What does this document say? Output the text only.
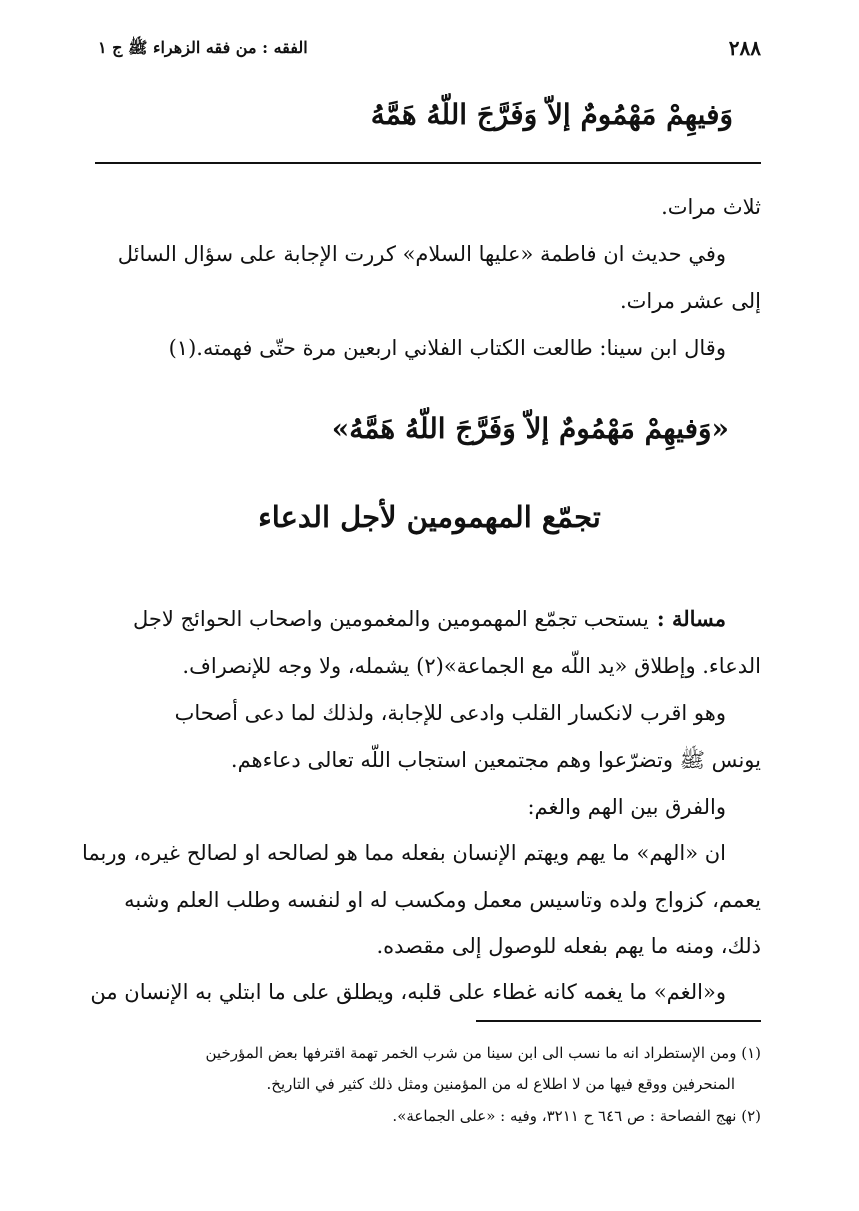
٢٨٨
الفقه : من فقه الزهراء ﷺ ج ١
وَفيهِمْ مَهْمُومٌ إلاّ وَفَرَّجَ اللّهُ هَمَّهُ
ثلاث مرات.
وفي حديث ان فاطمة «عليها السلام» كررت الإجابة على سؤال السائل
إلى عشر مرات.
وقال ابن سينا: طالعت الكتاب الفلاني اربعين مرة حتّى فهمته.(١)
«وَفيهِمْ مَهْمُومٌ إلاّ وَفَرَّجَ اللّهُ هَمَّهُ»
تجمّع المهمومين لأجل الدعاء
مسالة :يستحب تجمّع المهمومين والمغمومين واصحاب الحوائج لاجل
الدعاء. وإطلاق «يد اللّه مع الجماعة»(٢) يشمله، ولا وجه للإنصراف.
وهو اقرب لانكسار القلب وادعى للإجابة، ولذلك لما دعى أصحاب
يونس ﷺ وتضرّعوا وهم مجتمعين استجاب اللّه تعالى دعاءهم.
والفرق بين الهم والغم:
ان «الهم» ما يهم ويهتم الإنسان بفعله مما هو لصالحه او لصالح غيره، وربما
يعمم، كزواج ولده وتاسيس معمل ومكسب له او لنفسه وطلب العلم وشبه
ذلك، ومنه ما يهم بفعله للوصول إلى مقصده.
و«الغم» ما يغمه كانه غطاء على قلبه، ويطلق على ما ابتلي به الإنسان من
(١) ومن الإستطراد انه ما نسب الى ابن سينا من شرب الخمر تهمة اقترفها بعض المؤرخين
المنحرفين ووقع فيها من لا اطلاع له من المؤمنين ومثل ذلك كثير في التاريخ.
(٢) نهج الفصاحة : ص ٦٤٦ ح ٣٢١١، وفيه : «على الجماعة».
